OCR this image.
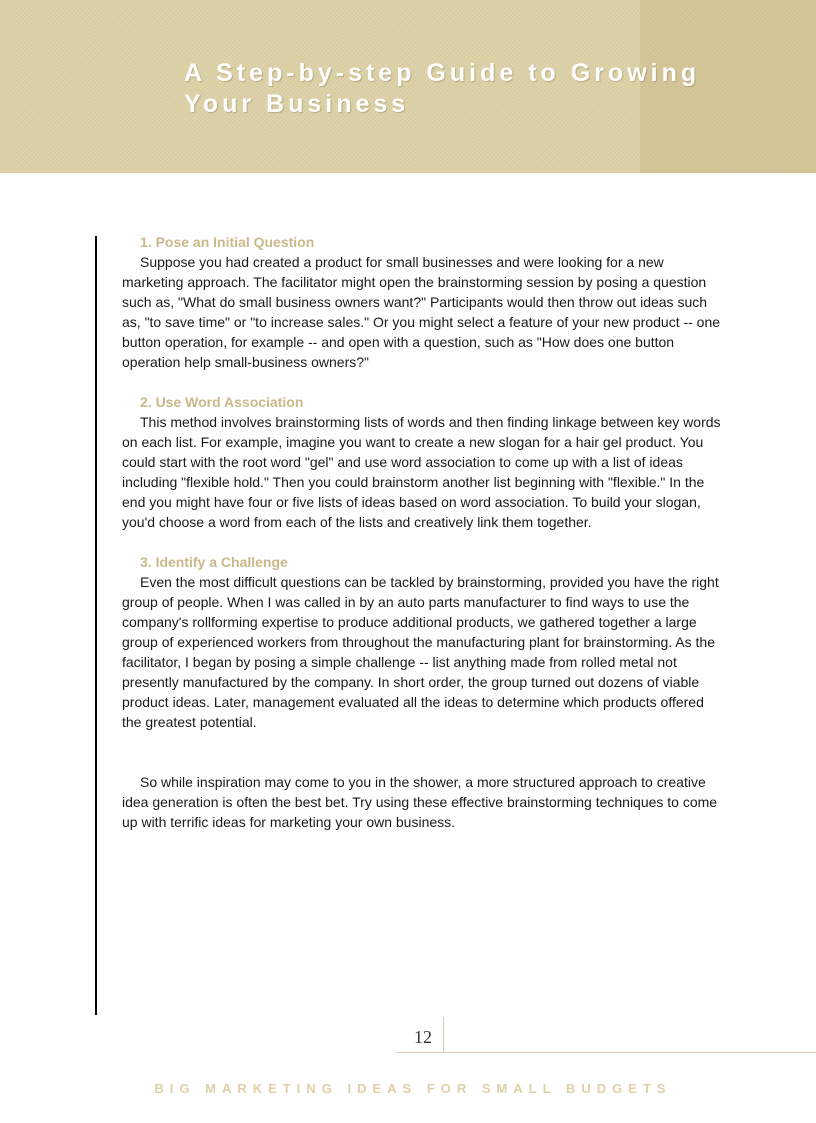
A Step-by-step Guide to Growing
Your Business
1. Pose an Initial Question

Suppose you had created a product for small businesses and were looking for a new marketing approach. The facilitator might open the brainstorming session by posing a question such as, "What do small business owners want?" Participants would then throw out ideas such as, "to save time" or "to increase sales." Or you might select a feature of your new product -- one button operation, for example -- and open with a question, such as "How does one button operation help small-business owners?"

2. Use Word Association

This method involves brainstorming lists of words and then finding linkage between key words on each list. For example, imagine you want to create a new slogan for a hair gel product. You could start with the root word "gel" and use word association to come up with a list of ideas including "flexible hold." Then you could brainstorm another list beginning with "flexible." In the end you might have four or five lists of ideas based on word association. To build your slogan, you'd choose a word from each of the lists and creatively link them together.

3. Identify a Challenge

Even the most difficult questions can be tackled by brainstorming, provided you have the right group of people. When I was called in by an auto parts manufacturer to find ways to use the company's rollforming expertise to produce additional products, we gathered together a large group of experienced workers from throughout the manufacturing plant for brainstorming. As the facilitator, I began by posing a simple challenge -- list anything made from rolled metal not presently manufactured by the company. In short order, the group turned out dozens of viable product ideas. Later, management evaluated all the ideas to determine which products offered the greatest potential.

So while inspiration may come to you in the shower, a more structured approach to creative idea generation is often the best bet. Try using these effective brainstorming techniques to come up with terrific ideas for marketing your own business.

12
BIG MARKETING IDEAS FOR SMALL BUDGETS
